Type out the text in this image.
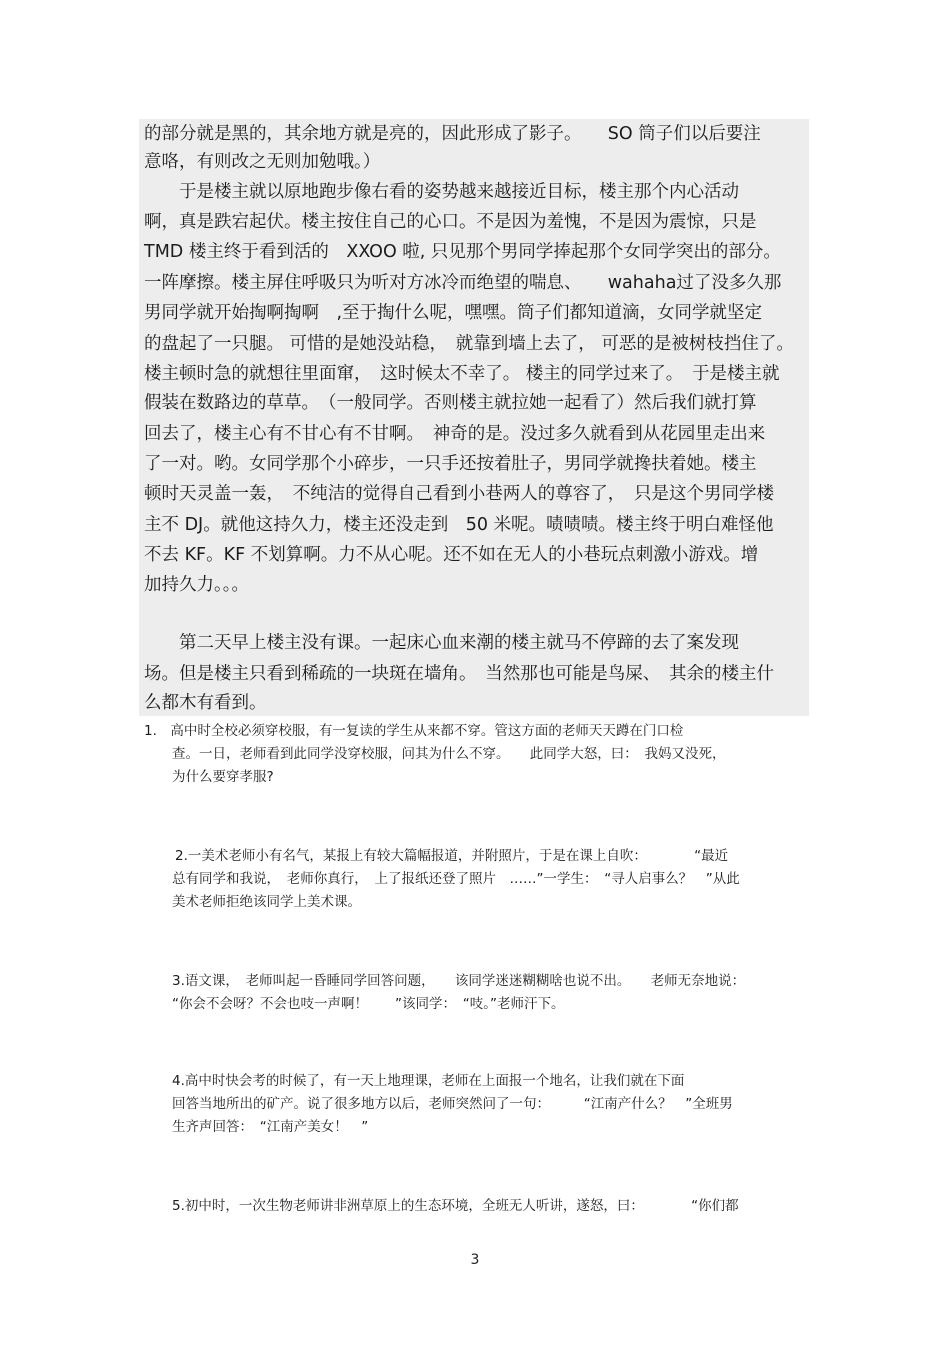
的部分就是黑的，其余地方就是亮的，因此形成了影子。　　SO 筒子们以后要注
意咯，有则改之无则加勉哦。）
　　于是楼主就以原地跑步像右看的姿势越来越接近目标，楼主那个内心活动
啊，真是跌宕起伏。楼主按住自己的心口。不是因为羞愧，不是因为震惊，只是
TMD 楼主终于看到活的　XXOO 啦, 只见那个男同学捧起那个女同学突出的部分。
一阵摩擦。楼主屏住呼吸只为听对方冰冷而绝望的喘息、　　wahaha过了没多久那
男同学就开始掏啊掏啊　,至于掏什么呢，嘿嘿。筒子们都知道滴，女同学就坚定
的盘起了一只腿。 可惜的是她没站稳，　就靠到墙上去了， 可恶的是被树枝挡住了。
楼主顿时急的就想往里面窜，　这时候太不幸了。 楼主的同学过来了。　于是楼主就
假装在数路边的草草。　（一般同学。否则楼主就拉她一起看了）然后我们就打算
回去了，楼主心有不甘心有不甘啊。　神奇的是。没过多久就看到从花园里走出来
了一对。哟。女同学那个小碎步，一只手还按着肚子，男同学就搀扶着她。楼主
顿时天灵盖一轰，　不纯洁的觉得自己看到小巷两人的尊容了，　只是这个男同学楼
主不 DJ。就他这持久力，楼主还没走到　50 米呢。啧啧啧。楼主终于明白难怪他
不去 KF。KF 不划算啊。力不从心呢。还不如在无人的小巷玩点刺激小游戏。增
加持久力。。。
　　第二天早上楼主没有课。一起床心血来潮的楼主就马不停蹄的去了案发现
场。但是楼主只看到稀疏的一块斑在墙角。　当然那也可能是鸟屎、　其余的楼主什
么都木有看到。
1.　高中时全校必须穿校服，有一复读的学生从来都不穿。管这方面的老师天天蹲在门口检
查。一日，老师看到此同学没穿校服，问其为什么不穿。　　此同学大怒，曰：　我妈又没死，
为什么要穿孝服?
2.一美术老师小有名气，某报上有较大篇幅报道，并附照片，于是在课上自吹：　　　　“最近
总有同学和我说，　老师你真行，　上了报纸还登了照片　……”一学生：　“寻人启事么？　”从此
美术老师拒绝该同学上美术课。
3.语文课，　老师叫起一昏睡同学回答问题，　　该同学迷迷糊糊啥也说不出。　　老师无奈地说：
“你会不会呀？不会也吱一声啊！　　”该同学：　“吱。”老师汗下。
4.高中时快会考的时候了，有一天上地理课，老师在上面报一个地名，让我们就在下面
回答当地所出的矿产。说了很多地方以后，老师突然问了一句：　　　“江南产什么？　”全班男
生齐声回答：　“江南产美女！　”
5.初中时，一次生物老师讲非洲草原上的生态环境，全班无人听讲，遂怒，曰：　　　　“你们都
3
